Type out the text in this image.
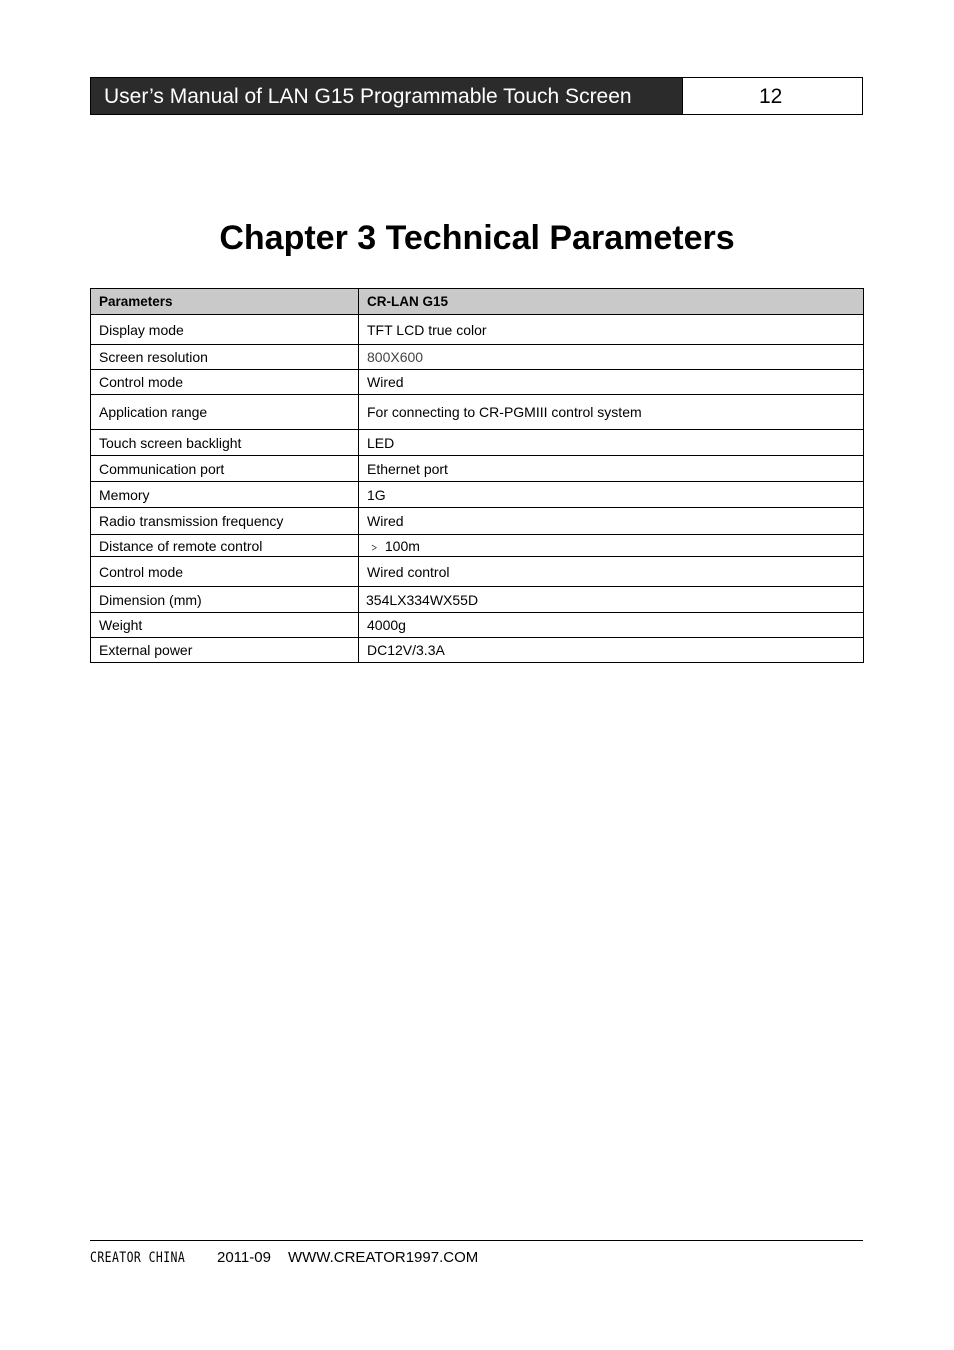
User’s Manual of LAN G15 Programmable Touch Screen	12
Chapter 3 Technical Parameters
Parameters	CR-LAN G15
Display mode	TFT LCD true color
Screen resolution	800X600
Control mode	Wired
Application range	For connecting to CR-PGMIII control system
Touch screen backlight	LED
Communication port	Ethernet port
Memory	1G
Radio transmission frequency	Wired
Distance of remote control	﹥ 100m
Control mode	Wired control
Dimension (mm)	354LX334WX55D
Weight	4000g
External power	DC12V/3.3A
CREATOR CHINA 2011-09 WWW.CREATOR1997.COM
